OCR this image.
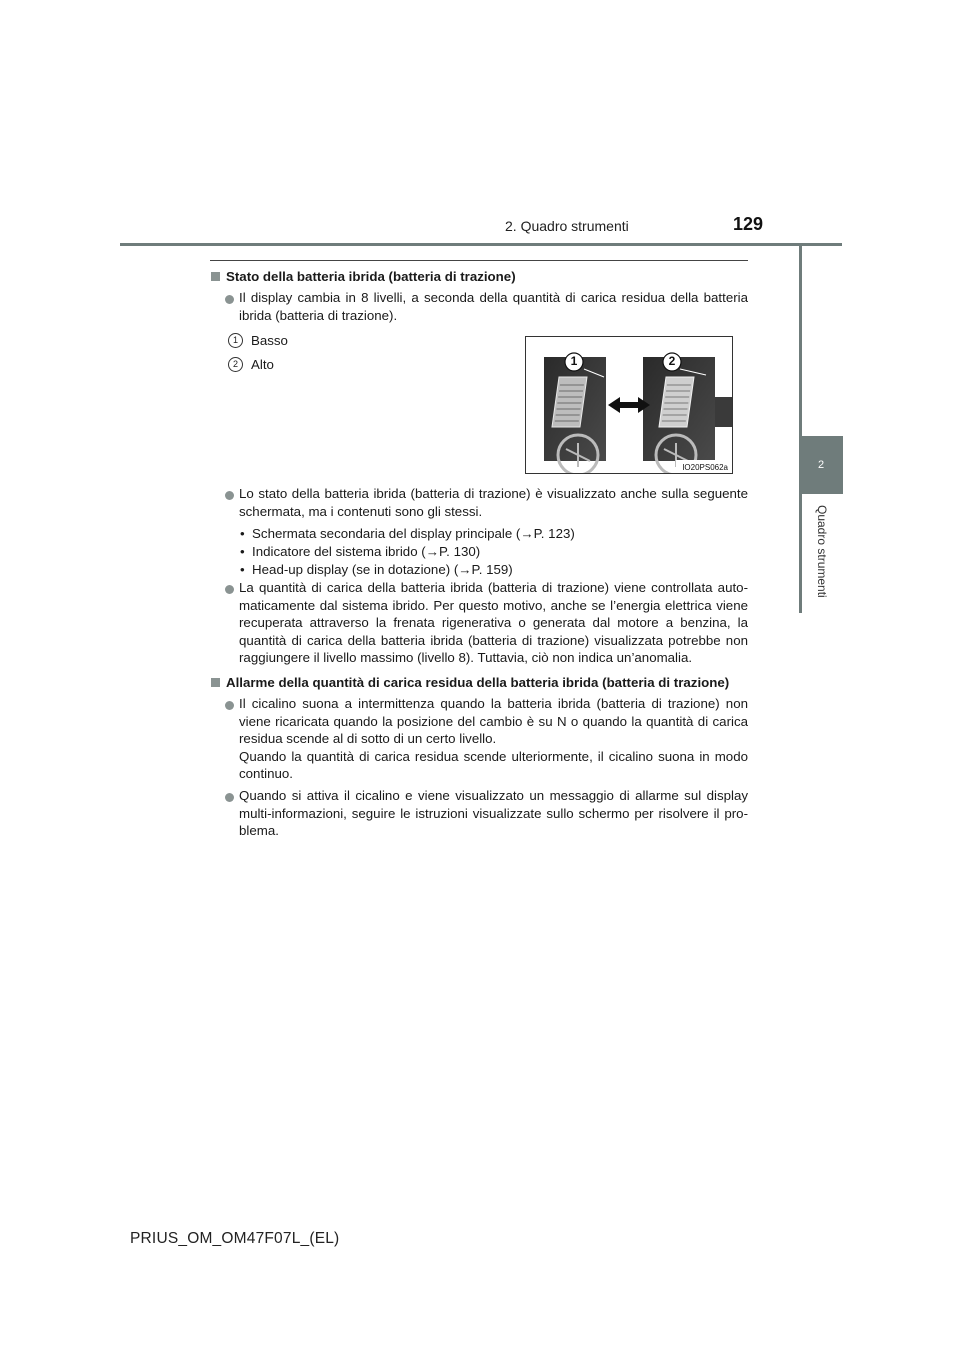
2. Quadro strumenti	129
2
Quadro strumenti
Stato della batteria ibrida (batteria di trazione)
Il display cambia in 8 livelli, a seconda della quantità di carica residua della batteria ibrida (batteria di trazione).
1 Basso
2 Alto	1	2
IO20PS062a
Lo stato della batteria ibrida (batteria di trazione) è visualizzato anche sulla seguente schermata, ma i contenuti sono gli stessi.
•  Schermata secondaria del display principale (→P. 123)
•  Indicatore del sistema ibrido (→P. 130)
•  Head-up display (se in dotazione) (→P. 159)
La quantità di carica della batteria ibrida (batteria di trazione) viene controllata automaticamente dal sistema ibrido. Per questo motivo, anche se l’energia elettrica viene recuperata attraverso la frenata rigenerativa o generata dal motore a benzina, la quantità di carica della batteria ibrida (batteria di trazione) visualizzata potrebbe non raggiungere il livello massimo (livello 8). Tuttavia, ciò non indica un’anomalia.
Allarme della quantità di carica residua della batteria ibrida (batteria di trazione)
Il cicalino suona a intermittenza quando la batteria ibrida (batteria di trazione) non viene ricaricata quando la posizione del cambio è su N o quando la quantità di carica residua scende al di sotto di un certo livello.
Quando la quantità di carica residua scende ulteriormente, il cicalino suona in modo continuo.
Quando si attiva il cicalino e viene visualizzato un messaggio di allarme sul display multi-informazioni, seguire le istruzioni visualizzate sullo schermo per risolvere il problema.
PRIUS_OM_OM47F07L_(EL)
